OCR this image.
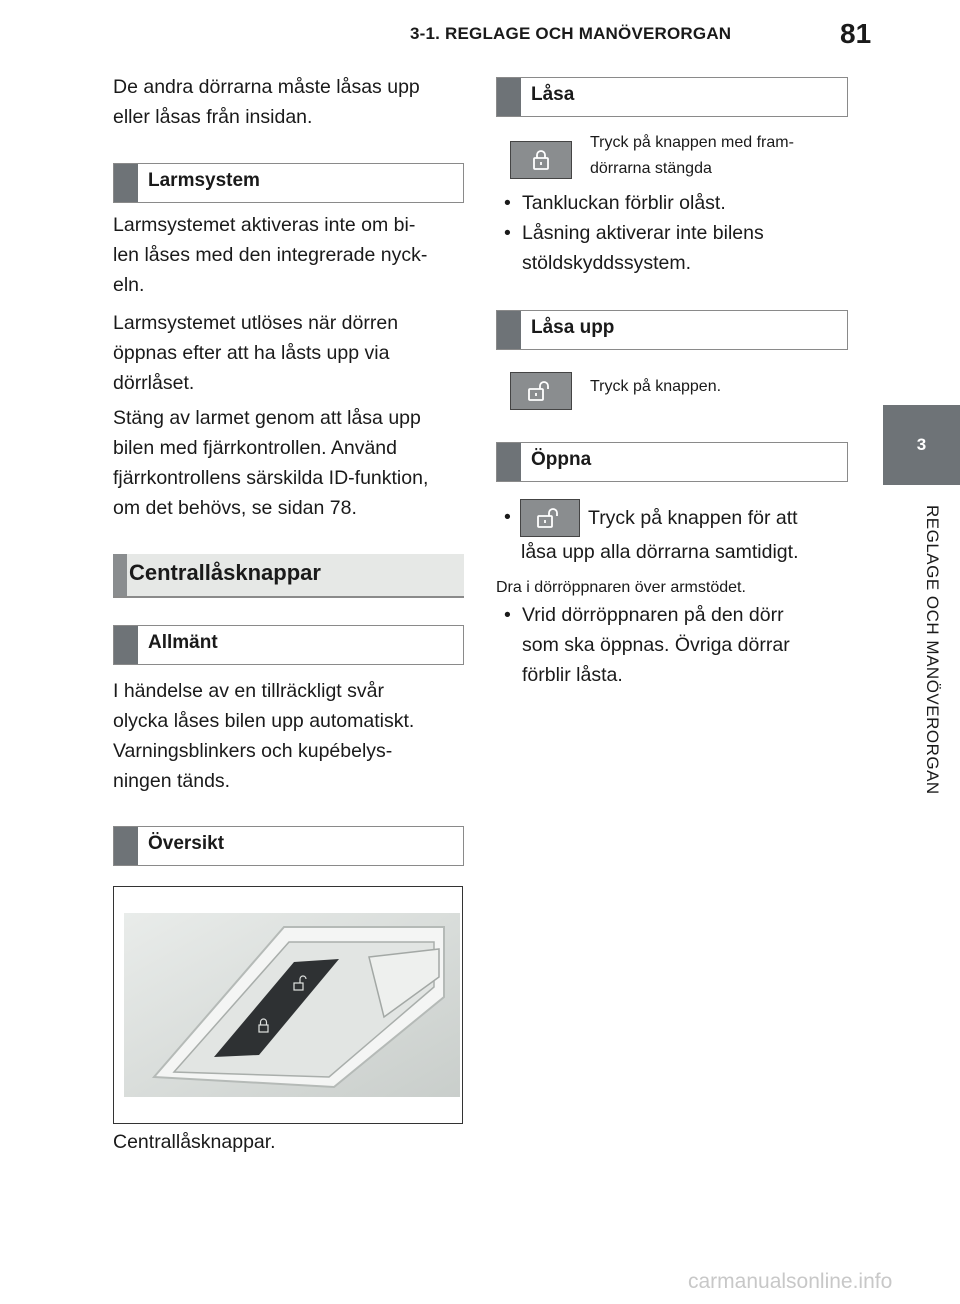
3-1. REGLAGE OCH MANÖVERORGAN	81
3
REGLAGE OCH MANÖVERORGAN

De andra dörrarna måste låsas upp
eller låsas från insidan.

Larmsystem

Larmsystemet aktiveras inte om bi-
len låses med den integrerade nyck-
eln.

Larmsystemet utlöses när dörren
öppnas efter att ha låsts upp via
dörrlåset.

Stäng av larmet genom att låsa upp
bilen med fjärrkontrollen. Använd
fjärrkontrollens särskilda ID-funktion,
om det behövs, se sidan 78.

Centrallåsknappar
Allmänt

I händelse av en tillräckligt svår
olycka låses bilen upp automatiskt.
Varningsblinkers och kupébelys-
ningen tänds.

Översikt

Centrallåsknappar.

Låsa

Tryck på knappen med fram-
dörrarna stängda

• Tankluckan förblir olåst.
• Låsning aktiverar inte bilens
stöldskyddssystem.
Låsa upp

Tryck på knappen.

Öppna
•	Tryck på knappen för att

låsa upp alla dörrarna samtidigt.

Dra i dörröppnaren över armstödet.

• Vrid dörröppnaren på den dörr
som ska öppnas. Övriga dörrar
förblir låsta.
carmanualsonline.info
